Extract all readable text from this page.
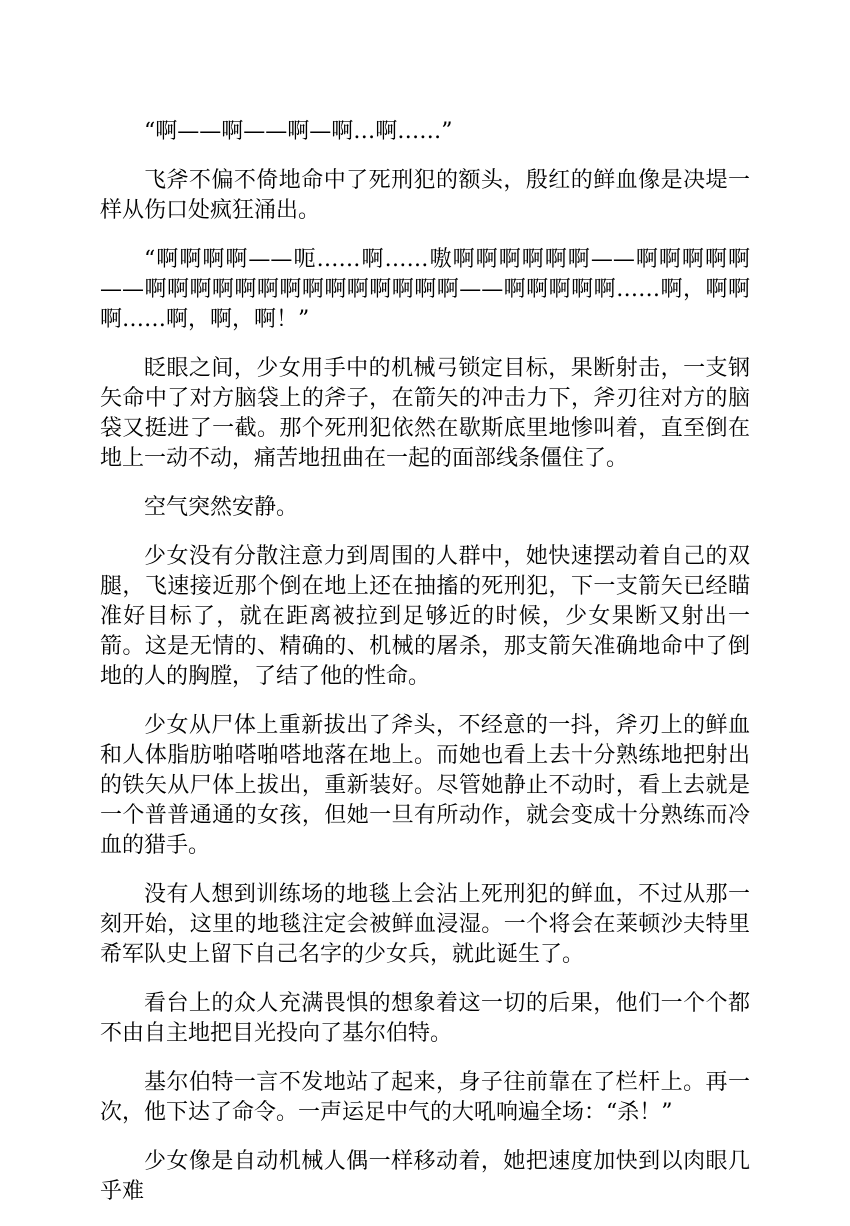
“啊——啊——啊—啊…啊……”

飞斧不偏不倚地命中了死刑犯的额头，殷红的鲜血像是决堤一样从伤口处疯狂涌出。

“啊啊啊啊——呃……啊……嗷啊啊啊啊啊啊——啊啊啊啊啊——啊啊啊啊啊啊啊啊啊啊啊啊啊啊——啊啊啊啊啊……啊，啊啊啊……啊，啊，啊！”

眨眼之间，少女用手中的机械弓锁定目标，果断射击，一支钢矢命中了对方脑袋上的斧子，在箭矢的冲击力下，斧刃往对方的脑袋又挺进了一截。那个死刑犯依然在歇斯底里地惨叫着，直至倒在地上一动不动，痛苦地扭曲在一起的面部线条僵住了。

空气突然安静。

少女没有分散注意力到周围的人群中，她快速摆动着自己的双腿，飞速接近那个倒在地上还在抽搐的死刑犯，下一支箭矢已经瞄准好目标了，就在距离被拉到足够近的时候，少女果断又射出一箭。这是无情的、精确的、机械的屠杀，那支箭矢准确地命中了倒地的人的胸膛，了结了他的性命。

少女从尸体上重新拔出了斧头，不经意的一抖，斧刃上的鲜血和人体脂肪啪嗒啪嗒地落在地上。而她也看上去十分熟练地把射出的铁矢从尸体上拔出，重新装好。尽管她静止不动时，看上去就是一个普普通通的女孩，但她一旦有所动作，就会变成十分熟练而冷血的猎手。

没有人想到训练场的地毯上会沾上死刑犯的鲜血，不过从那一刻开始，这里的地毯注定会被鲜血浸湿。一个将会在莱顿沙夫特里希军队史上留下自己名字的少女兵，就此诞生了。

看台上的众人充满畏惧的想象着这一切的后果，他们一个个都不由自主地把目光投向了基尔伯特。

基尔伯特一言不发地站了起来，身子往前靠在了栏杆上。再一次，他下达了命令。一声运足中气的大吼响遍全场：“杀！”

少女像是自动机械人偶一样移动着，她把速度加快到以肉眼几乎难
